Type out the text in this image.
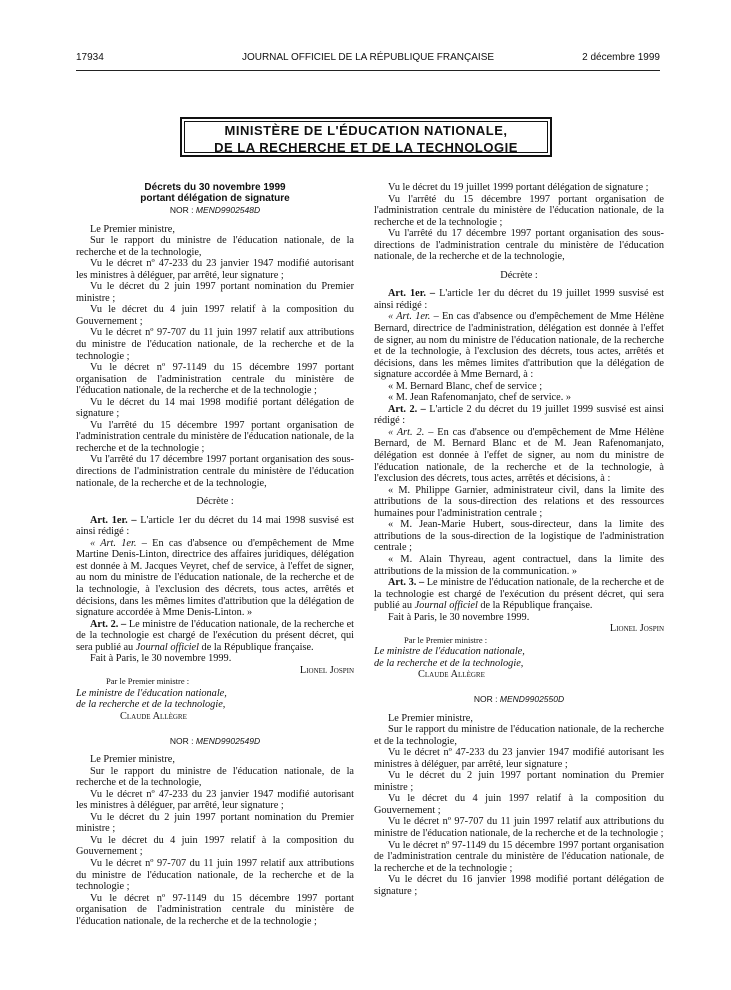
17934	JOURNAL OFFICIEL DE LA RÉPUBLIQUE FRANÇAISE	2 décembre 1999
MINISTÈRE DE L'ÉDUCATION NATIONALE,
DE LA RECHERCHE ET DE LA TECHNOLOGIE
Décrets du 30 novembre 1999
portant délégation de signature
NOR : MEND9902548D

Le Premier ministre,

Sur le rapport du ministre de l'éducation nationale, de la recherche et de la technologie,

Vu le décret nº 47-233 du 23 janvier 1947 modifié autorisant les ministres à déléguer, par arrêté, leur signature ;

Vu le décret du 2 juin 1997 portant nomination du Premier ministre ;

Vu le décret du 4 juin 1997 relatif à la composition du Gouvernement ;

Vu le décret nº 97-707 du 11 juin 1997 relatif aux attributions du ministre de l'éducation nationale, de la recherche et de la technologie ;

Vu le décret nº 97-1149 du 15 décembre 1997 portant organisation de l'administration centrale du ministère de l'éducation nationale, de la recherche et de la technologie ;

Vu le décret du 14 mai 1998 modifié portant délégation de signature ;

Vu l'arrêté du 15 décembre 1997 portant organisation de l'administration centrale du ministère de l'éducation nationale, de la recherche et de la technologie ;

Vu l'arrêté du 17 décembre 1997 portant organisation des sous-directions de l'administration centrale du ministère de l'éducation nationale, de la recherche et de la technologie,

Décrète :

Art. 1er. – L'article 1er du décret du 14 mai 1998 susvisé est ainsi rédigé :

« Art. 1er. – En cas d'absence ou d'empêchement de Mme Martine Denis-Linton, directrice des affaires juridiques, délégation est donnée à M. Jacques Veyret, chef de service, à l'effet de signer, au nom du ministre de l'éducation nationale, de la recherche et de la technologie, à l'exclusion des décrets, tous actes, arrêtés et décisions, dans les mêmes limites d'attribution que la délégation de signature accordée à Mme Denis-Linton. »

Art. 2. – Le ministre de l'éducation nationale, de la recherche et de la technologie est chargé de l'exécution du présent décret, qui sera publié au Journal officiel de la République française.

Fait à Paris, le 30 novembre 1999.

Lionel Jospin

Par le Premier ministre :

Le ministre de l'éducation nationale,

de la recherche et de la technologie,

Claude Allègre

NOR : MEND9902549D

Le Premier ministre,

Sur le rapport du ministre de l'éducation nationale, de la recherche et de la technologie,

Vu le décret nº 47-233 du 23 janvier 1947 modifié autorisant les ministres à déléguer, par arrêté, leur signature ;

Vu le décret du 2 juin 1997 portant nomination du Premier ministre ;

Vu le décret du 4 juin 1997 relatif à la composition du Gouvernement ;

Vu le décret nº 97-707 du 11 juin 1997 relatif aux attributions du ministre de l'éducation nationale, de la recherche et de la technologie ;

Vu le décret nº 97-1149 du 15 décembre 1997 portant organisation de l'administration centrale du ministère de l'éducation nationale, de la recherche et de la technologie ;

Vu le décret du 19 juillet 1999 portant délégation de signature ;

Vu l'arrêté du 15 décembre 1997 portant organisation de l'administration centrale du ministère de l'éducation nationale, de la recherche et de la technologie ;

Vu l'arrêté du 17 décembre 1997 portant organisation des sous-directions de l'administration centrale du ministère de l'éducation nationale, de la recherche et de la technologie,

Décrète :

Art. 1er. – L'article 1er du décret du 19 juillet 1999 susvisé est ainsi rédigé :

« Art. 1er. – En cas d'absence ou d'empêchement de Mme Hélène Bernard, directrice de l'administration, délégation est donnée à l'effet de signer, au nom du ministre de l'éducation nationale, de la recherche et de la technologie, à l'exclusion des décrets, tous actes, arrêtés et décisions, dans les mêmes limites d'attribution que la délégation de signature accordée à Mme Bernard, à :

« M. Bernard Blanc, chef de service ;

« M. Jean Rafenomanjato, chef de service. »

Art. 2. – L'article 2 du décret du 19 juillet 1999 susvisé est ainsi rédigé :

« Art. 2. – En cas d'absence ou d'empêchement de Mme Hélène Bernard, de M. Bernard Blanc et de M. Jean Rafenomanjato, délégation est donnée à l'effet de signer, au nom du ministre de l'éducation nationale, de la recherche et de la technologie, à l'exclusion des décrets, tous actes, arrêtés et décisions, à :

« M. Philippe Garnier, administrateur civil, dans la limite des attributions de la sous-direction des relations et des ressources humaines pour l'administration centrale ;

« M. Jean-Marie Hubert, sous-directeur, dans la limite des attributions de la sous-direction de la logistique de l'administration centrale ;

« M. Alain Thyreau, agent contractuel, dans la limite des attributions de la mission de la communication. »

Art. 3. – Le ministre de l'éducation nationale, de la recherche et de la technologie est chargé de l'exécution du présent décret, qui sera publié au Journal officiel de la République française.

Fait à Paris, le 30 novembre 1999.

Lionel Jospin

Par le Premier ministre :

Le ministre de l'éducation nationale,

de la recherche et de la technologie,

Claude Allègre

NOR : MEND9902550D

Le Premier ministre,

Sur le rapport du ministre de l'éducation nationale, de la recherche et de la technologie,

Vu le décret nº 47-233 du 23 janvier 1947 modifié autorisant les ministres à déléguer, par arrêté, leur signature ;

Vu le décret du 2 juin 1997 portant nomination du Premier ministre ;

Vu le décret du 4 juin 1997 relatif à la composition du Gouvernement ;

Vu le décret nº 97-707 du 11 juin 1997 relatif aux attributions du ministre de l'éducation nationale, de la recherche et de la technologie ;

Vu le décret nº 97-1149 du 15 décembre 1997 portant organisation de l'administration centrale du ministère de l'éducation nationale, de la recherche et de la technologie ;

Vu le décret du 16 janvier 1998 modifié portant délégation de signature ;
